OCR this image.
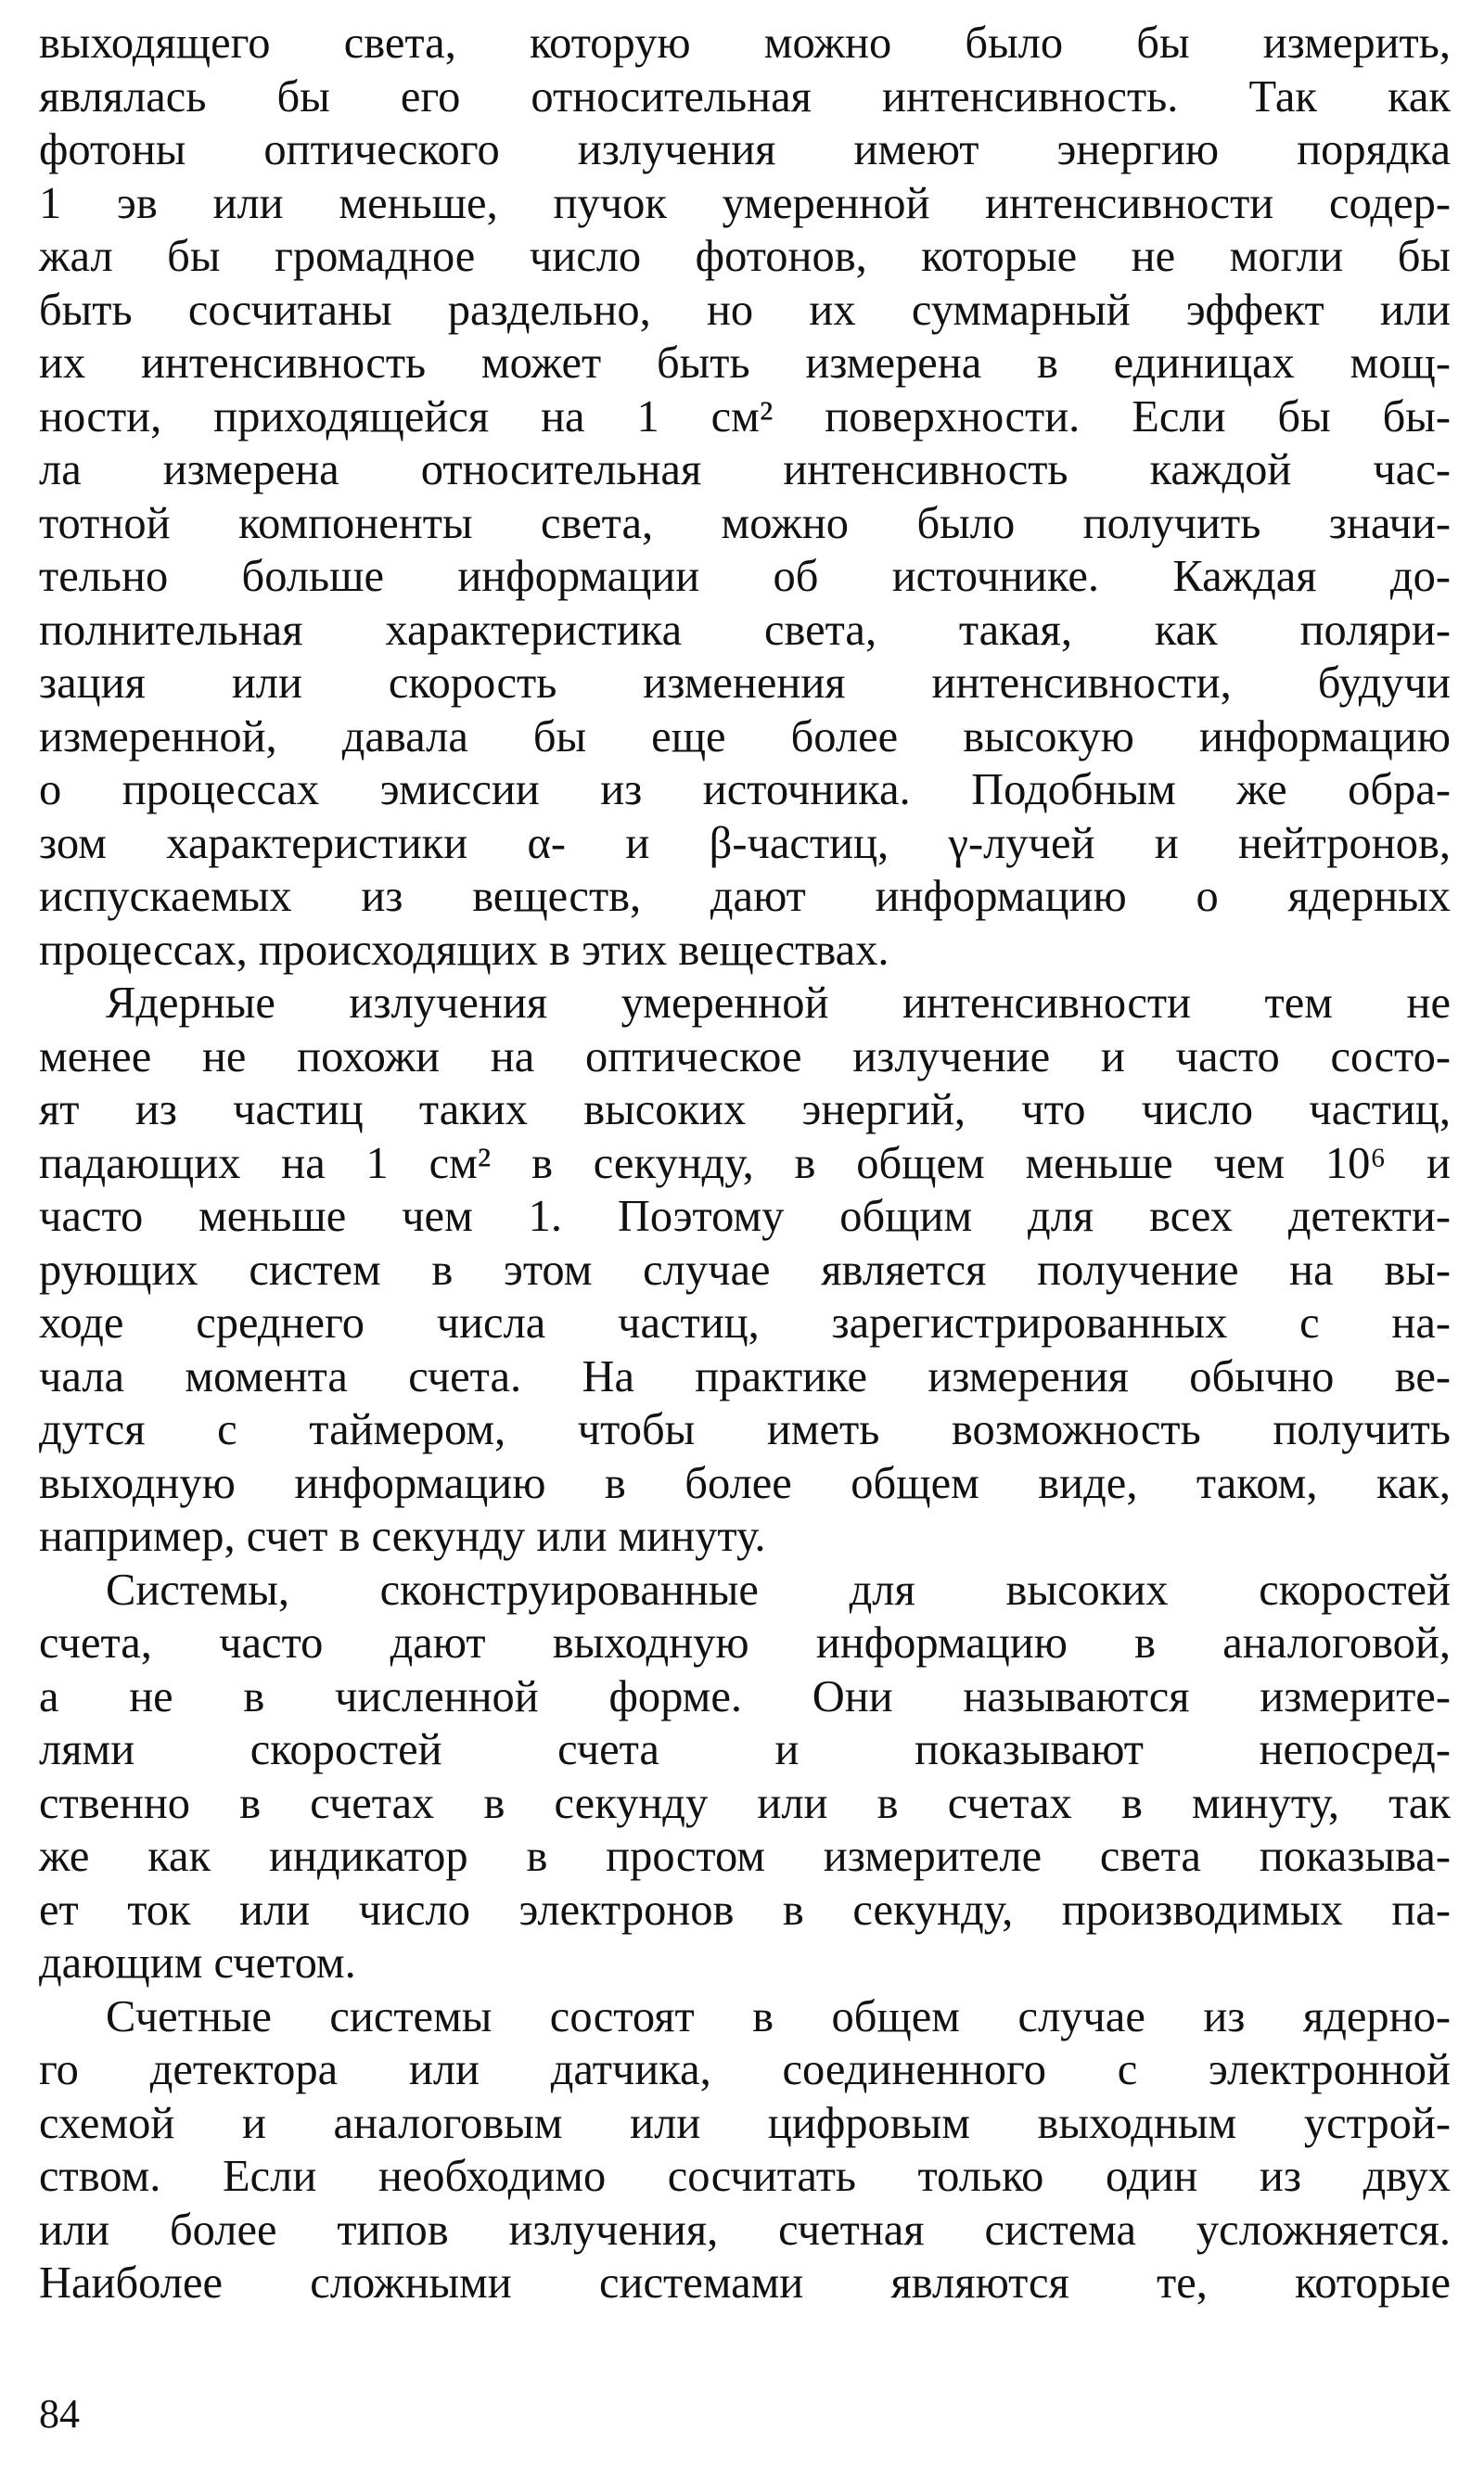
выходящего света, которую можно было бы измерить,
являлась бы его относительная интенсивность. Так как
фотоны оптического излучения имеют энергию порядка
1 эв или меньше, пучок умеренной интенсивности содер-
жал бы громадное число фотонов, которые не могли бы
быть сосчитаны раздельно, но их суммарный эффект или
их интенсивность может быть измерена в единицах мощ-
ности, приходящейся на 1 см² поверхности. Если бы бы-
ла измерена относительная интенсивность каждой час-
тотной компоненты света, можно было получить значи-
тельно больше информации об источнике. Каждая до-
полнительная характеристика света, такая, как поляри-
зация или скорость изменения интенсивности, будучи
измеренной, давала бы еще более высокую информацию
о процессах эмиссии из источника. Подобным же обра-
зом характеристики α- и β-частиц, γ-лучей и нейтронов,
испускаемых из веществ, дают информацию о ядерных
процессах, происходящих в этих веществах.

Ядерные излучения умеренной интенсивности тем не
менее не похожи на оптическое излучение и часто состо-
ят из частиц таких высоких энергий, что число частиц,
падающих на 1 см² в секунду, в общем меньше чем 10⁶ и
часто меньше чем 1. Поэтому общим для всех детекти-
рующих систем в этом случае является получение на вы-
ходе среднего числа частиц, зарегистрированных с на-
чала момента счета. На практике измерения обычно ве-
дутся с таймером, чтобы иметь возможность получить
выходную информацию в более общем виде, таком, как,
например, счет в секунду или минуту.

Системы, сконструированные для высоких скоростей
счета, часто дают выходную информацию в аналоговой,
а не в численной форме. Они называются измерите-
лями скоростей счета и показывают непосред-
ственно в счетах в секунду или в счетах в минуту, так
же как индикатор в простом измерителе света показыва-
ет ток или число электронов в секунду, производимых па-
дающим счетом.

Счетные системы состоят в общем случае из ядерно-
го детектора или датчика, соединенного с электронной
схемой и аналоговым или цифровым выходным устрой-
ством. Если необходимо сосчитать только один из двух
или более типов излучения, счетная система усложняется.
Наиболее сложными системами являются те, которые

84
